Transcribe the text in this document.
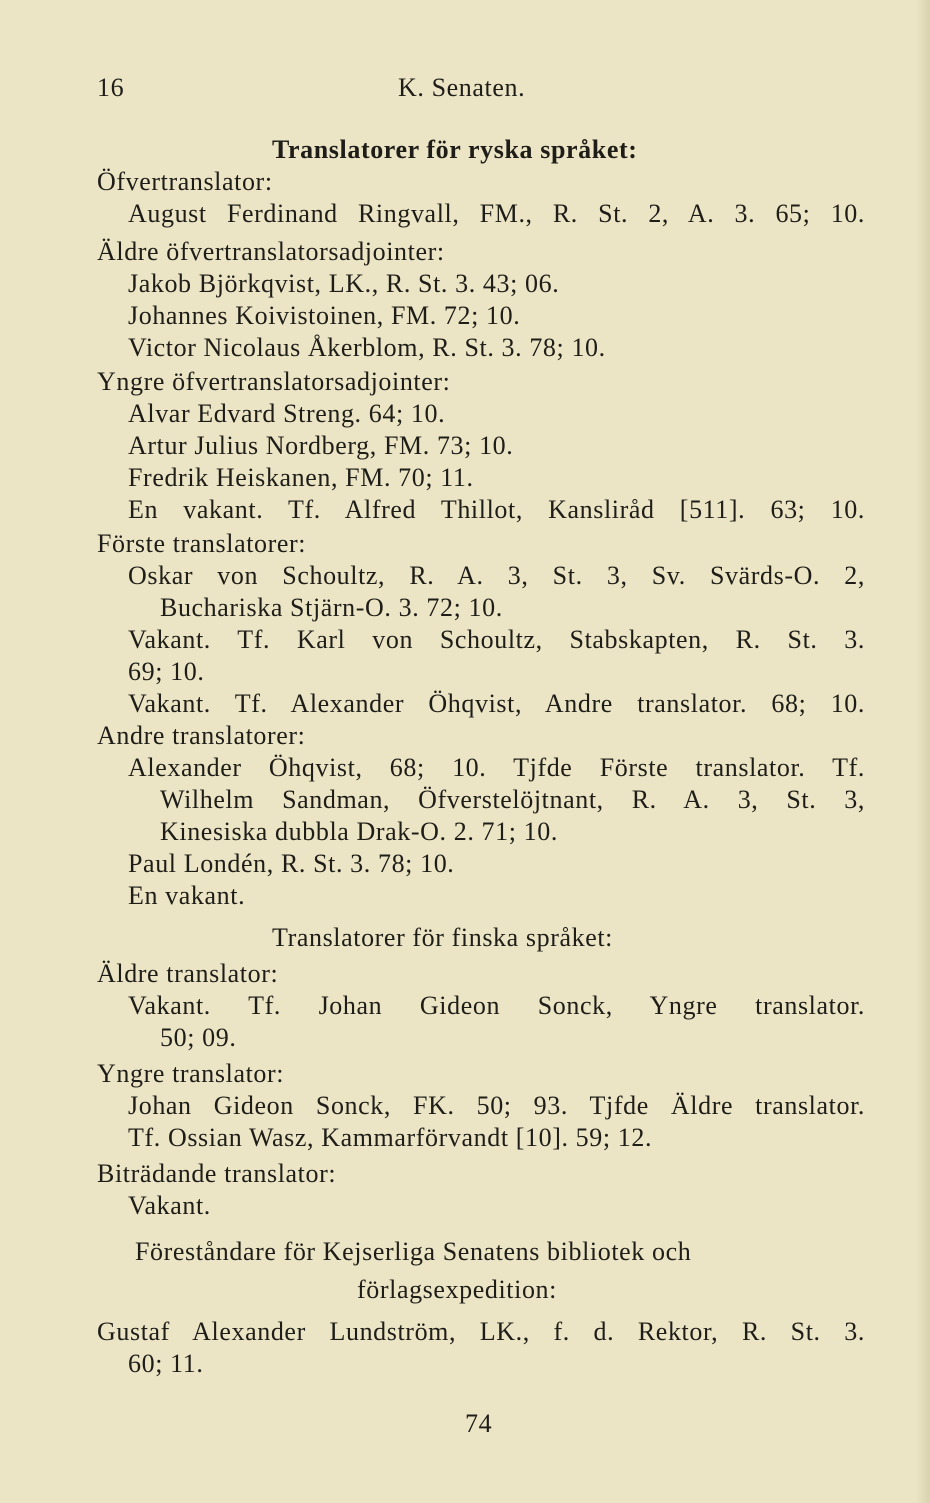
16	K. Senaten.
Translatorer för ryska språket:
Öfvertranslator:
August Ferdinand Ringvall, FM., R. St. 2, A. 3. 65; 10.
Äldre öfvertranslatorsadjointer:
Jakob Björkqvist, LK., R. St. 3. 43; 06.
Johannes Koivistoinen, FM. 72; 10.
Victor Nicolaus Åkerblom, R. St. 3. 78; 10.
Yngre öfvertranslatorsadjointer:
Alvar Edvard Streng. 64; 10.
Artur Julius Nordberg, FM. 73; 10.
Fredrik Heiskanen, FM. 70; 11.
En vakant. Tf. Alfred Thillot, Kansliråd [511]. 63; 10.
Förste translatorer:
Oskar von Schoultz, R. A. 3, St. 3, Sv. Svärds-O. 2,
Buchariska Stjärn-O. 3. 72; 10.
Vakant. Tf. Karl von Schoultz, Stabskapten, R. St. 3.
69; 10.
Vakant. Tf. Alexander Öhqvist, Andre translator. 68; 10.
Andre translatorer:
Alexander Öhqvist, 68; 10. Tjfde Förste translator. Tf.
Wilhelm Sandman, Öfverstelöjtnant, R. A. 3, St. 3,
Kinesiska dubbla Drak-O. 2. 71; 10.
Paul Londén, R. St. 3. 78; 10.
En vakant.
Translatorer för finska språket:
Äldre translator:
Vakant. Tf. Johan Gideon Sonck, Yngre translator.
50; 09.
Yngre translator:
Johan Gideon Sonck, FK. 50; 93. Tjfde Äldre translator.
Tf. Ossian Wasz, Kammarförvandt [10]. 59; 12.
Biträdande translator:
Vakant.
Föreståndare för Kejserliga Senatens bibliotek och
förlagsexpedition:
Gustaf Alexander Lundström, LK., f. d. Rektor, R. St. 3.
60; 11.
74
